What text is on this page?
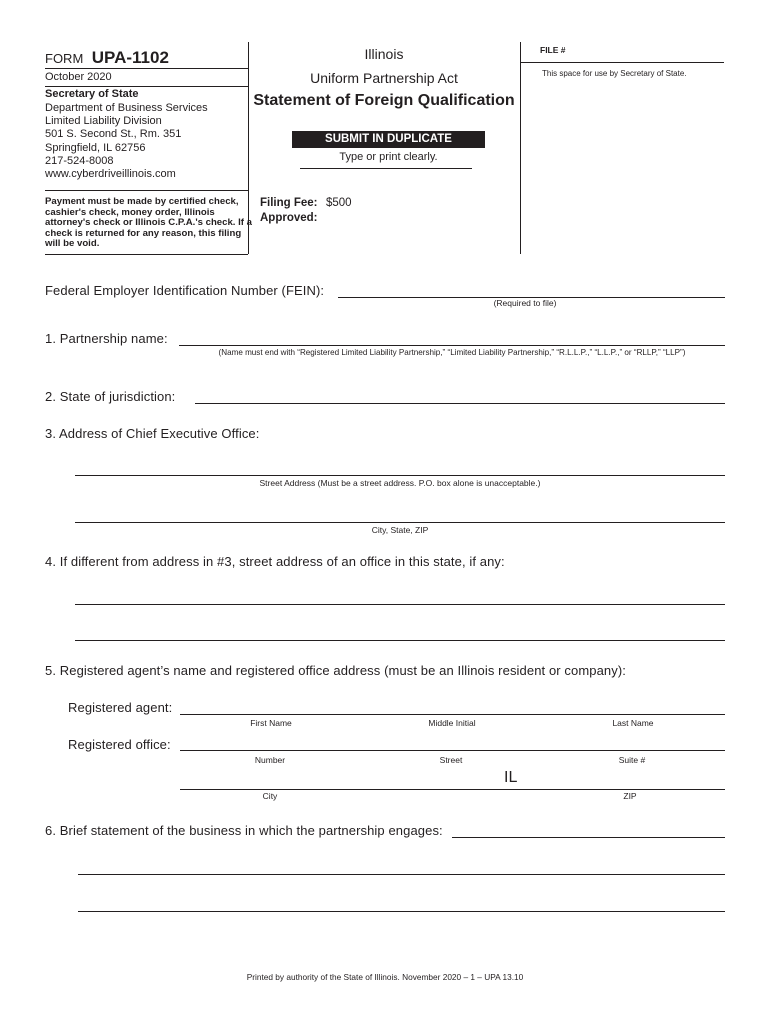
FORM UPA-1102
October 2020
Secretary of State
Department of Business Services
Limited Liability Division
501 S. Second St., Rm. 351
Springfield, IL 62756
217-524-8008
www.cyberdriveillinois.com
Payment must be made by certified check, cashier's check, money order, Illinois attorney's check or Illinois C.P.A.'s check. If a check is returned for any reason, this filing will be void.
Illinois
Uniform Partnership Act
Statement of Foreign Qualification
SUBMIT IN DUPLICATE
Type or print clearly.
Filing Fee: $500
Approved:
FILE #
This space for use by Secretary of State.
Federal Employer Identification Number (FEIN):
(Required to file)
1. Partnership name:
(Name must end with “Registered Limited Liability Partnership,” “Limited Liability Partnership,” “R.L.L.P.,” “L.L.P.,” or “RLLP,” “LLP”)
2. State of jurisdiction:
3. Address of Chief Executive Office:
Street Address (Must be a street address. P.O. box alone is unacceptable.)
City, State, ZIP
4. If different from address in #3, street address of an office in this state, if any:
5. Registered agent’s name and registered office address (must be an Illinois resident or company):
Registered agent:
First Name	Middle Initial	Last Name
Registered office:
Number	Street	Suite #
IL
City	ZIP
6. Brief statement of the business in which the partnership engages:
Printed by authority of the State of Illinois. November 2020 – 1 – UPA 13.10
